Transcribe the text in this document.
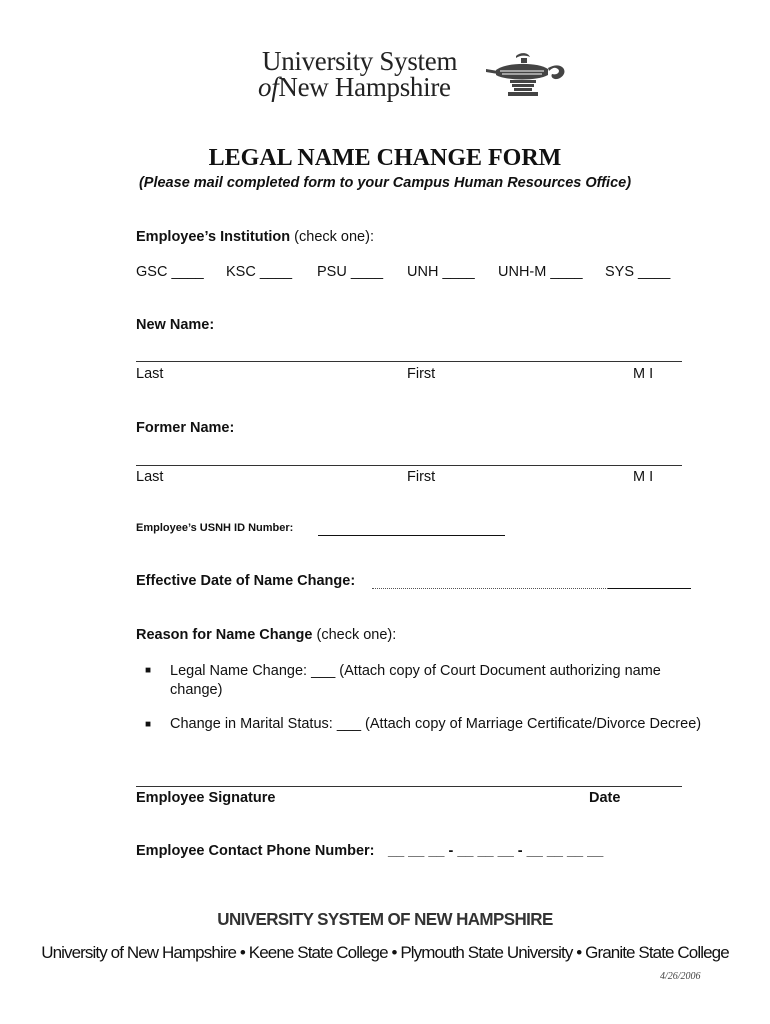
University System
ofNew Hampshire
LEGAL NAME CHANGE FORM
(Please mail completed form to your Campus Human Resources Office)
Employee’s Institution (check one):
GSC ____ KSC ____ PSU ____ UNH ____ UNH-M ____ SYS ____
New Name:
Last	First	M I
Former Name:
Last	First	M I
Employee’s USNH ID Number:
Effective Date of Name Change:
Reason for Name Change (check one):
■ Legal Name Change: ___ (Attach copy of Court Document authorizing name
change)
■ Change in Marital Status: ___ (Attach copy of Marriage Certificate/Divorce Decree)
Employee Signature	Date
Employee Contact Phone Number: __ __ __ - __ __ __ - __ __ __ __
UNIVERSITY SYSTEM OF NEW HAMPSHIRE
University of New Hampshire • Keene State College • Plymouth State University • Granite State College
4/26/2006
